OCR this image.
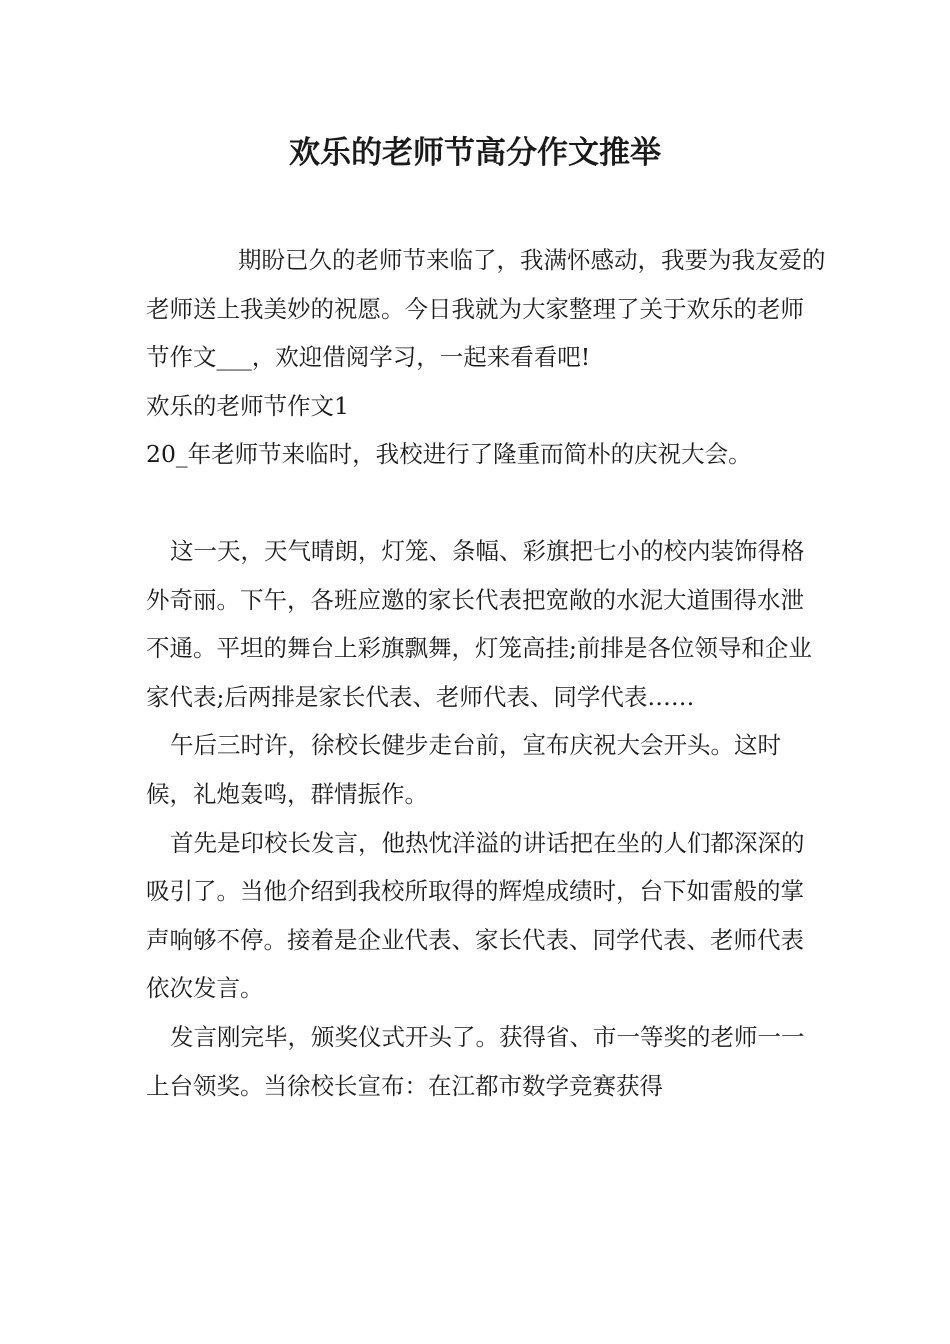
欢乐的老师节高分作文推举

期盼已久的老师节来临了，我满怀感动，我要为我友爱的老师送上我美妙的祝愿。今日我就为大家整理了关于欢乐的老师节作文___，欢迎借阅学习，一起来看看吧!

欢乐的老师节作文1

20_年老师节来临时，我校进行了隆重而简朴的庆祝大会。

这一天，天气晴朗，灯笼、条幅、彩旗把七小的校内装饰得格外奇丽。下午，各班应邀的家长代表把宽敞的水泥大道围得水泄不通。平坦的舞台上彩旗飘舞，灯笼高挂;前排是各位领导和企业家代表;后两排是家长代表、老师代表、同学代表……

午后三时许，徐校长健步走台前，宣布庆祝大会开头。这时候，礼炮轰鸣，群情振作。

首先是印校长发言，他热忱洋溢的讲话把在坐的人们都深深的吸引了。当他介绍到我校所取得的辉煌成绩时，台下如雷般的掌声响够不停。接着是企业代表、家长代表、同学代表、老师代表依次发言。

发言刚完毕，颁奖仪式开头了。获得省、市一等奖的老师一一上台领奖。当徐校长宣布：在江都市数学竞赛获得
